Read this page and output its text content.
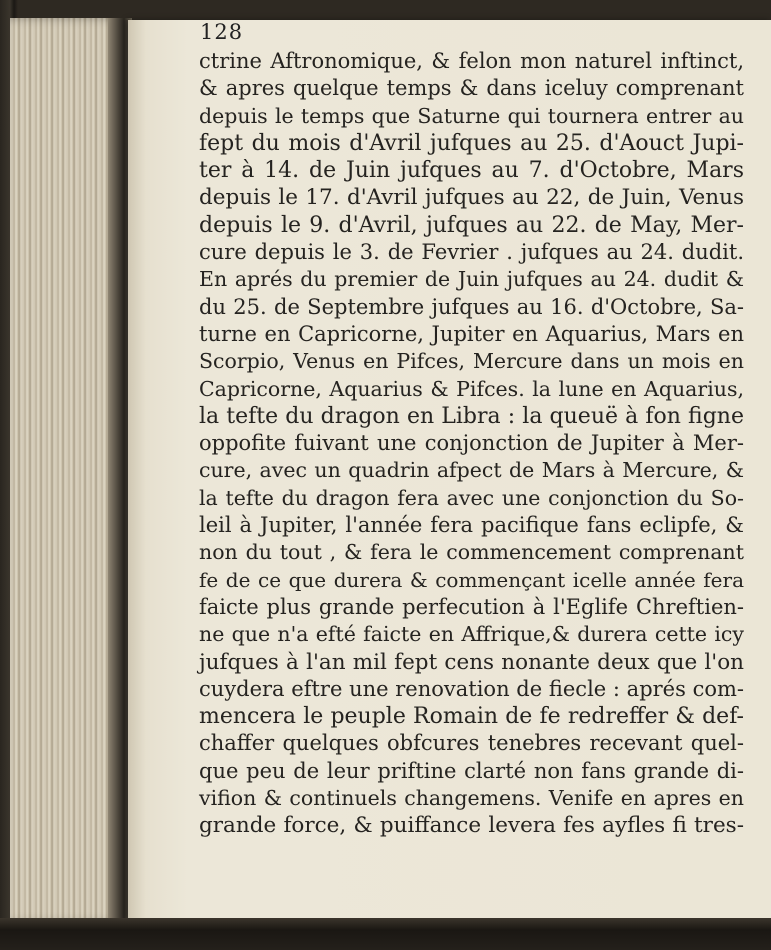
128
ctrine Aftronomique, & felon mon naturel inftinct,
& apres quelque temps & dans iceluy comprenant
depuis le temps que Saturne qui tournera entrer au
fept du mois d'Avril jufques au 25. d'Aouct Jupi-
ter à 14. de Juin jufques au 7. d'Octobre, Mars
depuis le 17. d'Avril jufques au 22, de Juin, Venus
depuis le 9. d'Avril, jufques au 22. de May, Mer-
cure depuis le 3. de Fevrier . jufques au 24. dudit.
En aprés du premier de Juin jufques au 24. dudit &
du 25. de Septembre jufques au 16. d'Octobre, Sa-
turne en Capricorne, Jupiter en Aquarius, Mars en
Scorpio, Venus en Pifces, Mercure dans un mois en
Capricorne, Aquarius & Pifces. la lune en Aquarius,
la tefte du dragon en Libra : la queuë à fon figne
oppofite fuivant une conjonction de Jupiter à Mer-
cure, avec un quadrin afpect de Mars à Mercure, &
la tefte du dragon fera avec une conjonction du So-
leil à Jupiter, l'année fera pacifique fans eclipfe, &
non du tout , & fera le commencement comprenant
fe de ce que durera & commençant icelle année fera
faicte plus grande perfecution à l'Eglife Chreftien-
ne que n'a efté faicte en Affrique,& durera cette icy
jufques à l'an mil fept cens nonante deux que l'on
cuydera eftre une renovation de fiecle : aprés com-
mencera le peuple Romain de fe redreffer & def-
chaffer quelques obfcures tenebres recevant quel-
que peu de leur priftine clarté non fans grande di-
vifion & continuels changemens. Venife en apres en
grande force, & puiffance levera fes ayfles fi tres-
